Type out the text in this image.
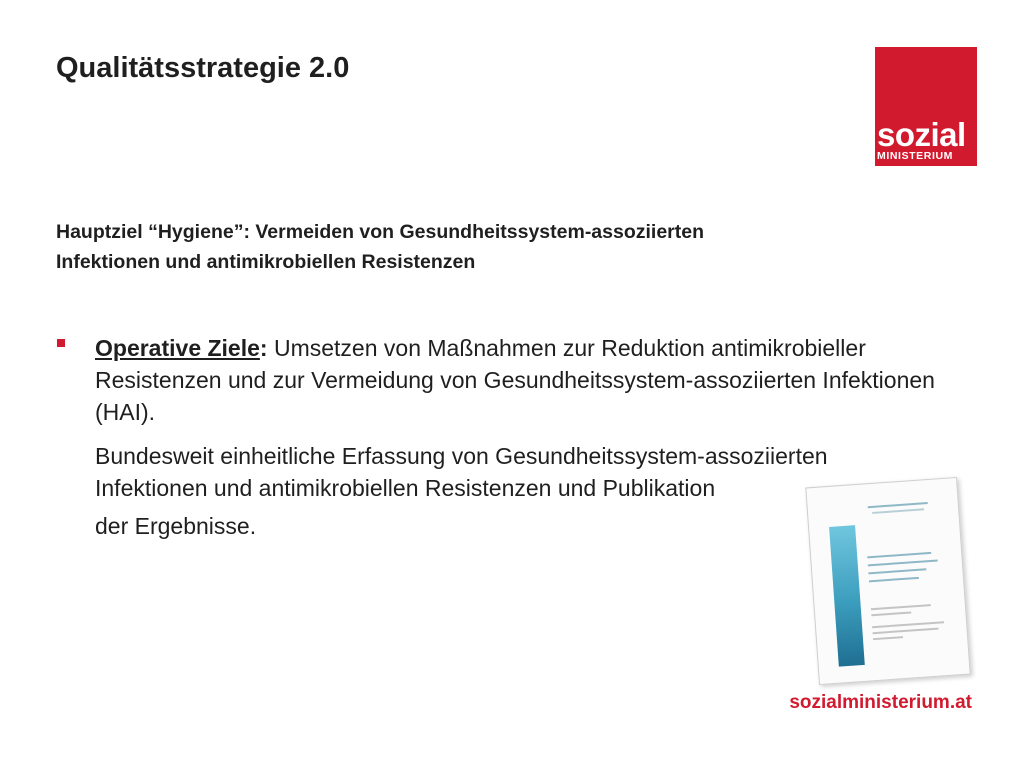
Qualitätsstrategie 2.0
sozial
MINISTERIUM

Hauptziel “Hygiene”: Vermeiden von Gesundheitssystem-assoziierten
Infektionen und antimikrobiellen Resistenzen

Operative Ziele: Umsetzen von Maßnahmen zur Reduktion antimikrobieller Resistenzen und zur Vermeidung von Gesundheitssystem-assoziierten Infektionen (HAI).

Bundesweit einheitliche Erfassung von Gesundheitssystem-assoziierten
Infektionen und antimikrobiellen Resistenzen und Publikation
der Ergebnisse.

sozialministerium.at
